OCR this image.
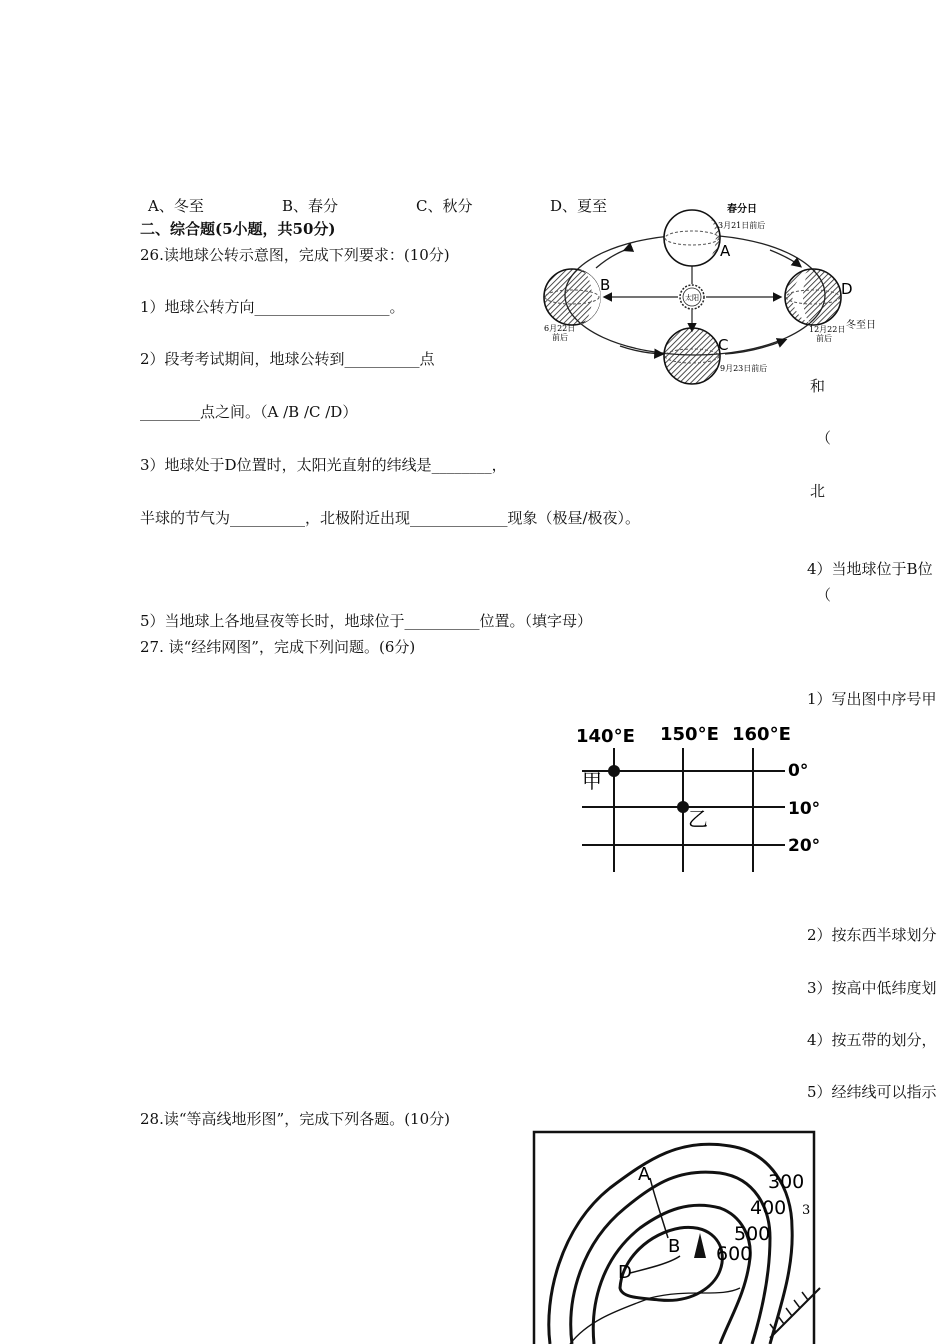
A、冬至	B、春分	C、秋分	D、夏至
二、综合题(5小题，共50分)
26.读地球公转示意图，完成下列要求：(10分)
1）地球公转方向__________________。
2）段考考试期间，地球公转到__________点
________点之间。（A /B /C /D）
3）地球处于D位置时，太阳光直射的纬线是________，
半球的节气为__________，北极附近出现_____________现象（极昼/极夜）。
5）当地球上各地昼夜等长时，地球位于__________位置。（填字母）
和
（
北
4）当地球位于B位
（
太阳
A
B
C
D
春分日
3月21日前后
6月22日
前后
9月23日前后
12月22日
前后
冬至日
27. 读“经纬网图”，完成下列问题。(6分)
1）写出图中序号甲
2）按东西半球划分
3）按高中低纬度划
4）按五带的划分，
5）经纬线可以指示
140°E 150°E 160°E
0°
10°
20°
甲
乙
28.读“等高线地形图”，完成下列各题。(10分)
300
400
500
600
A
B
D
3
